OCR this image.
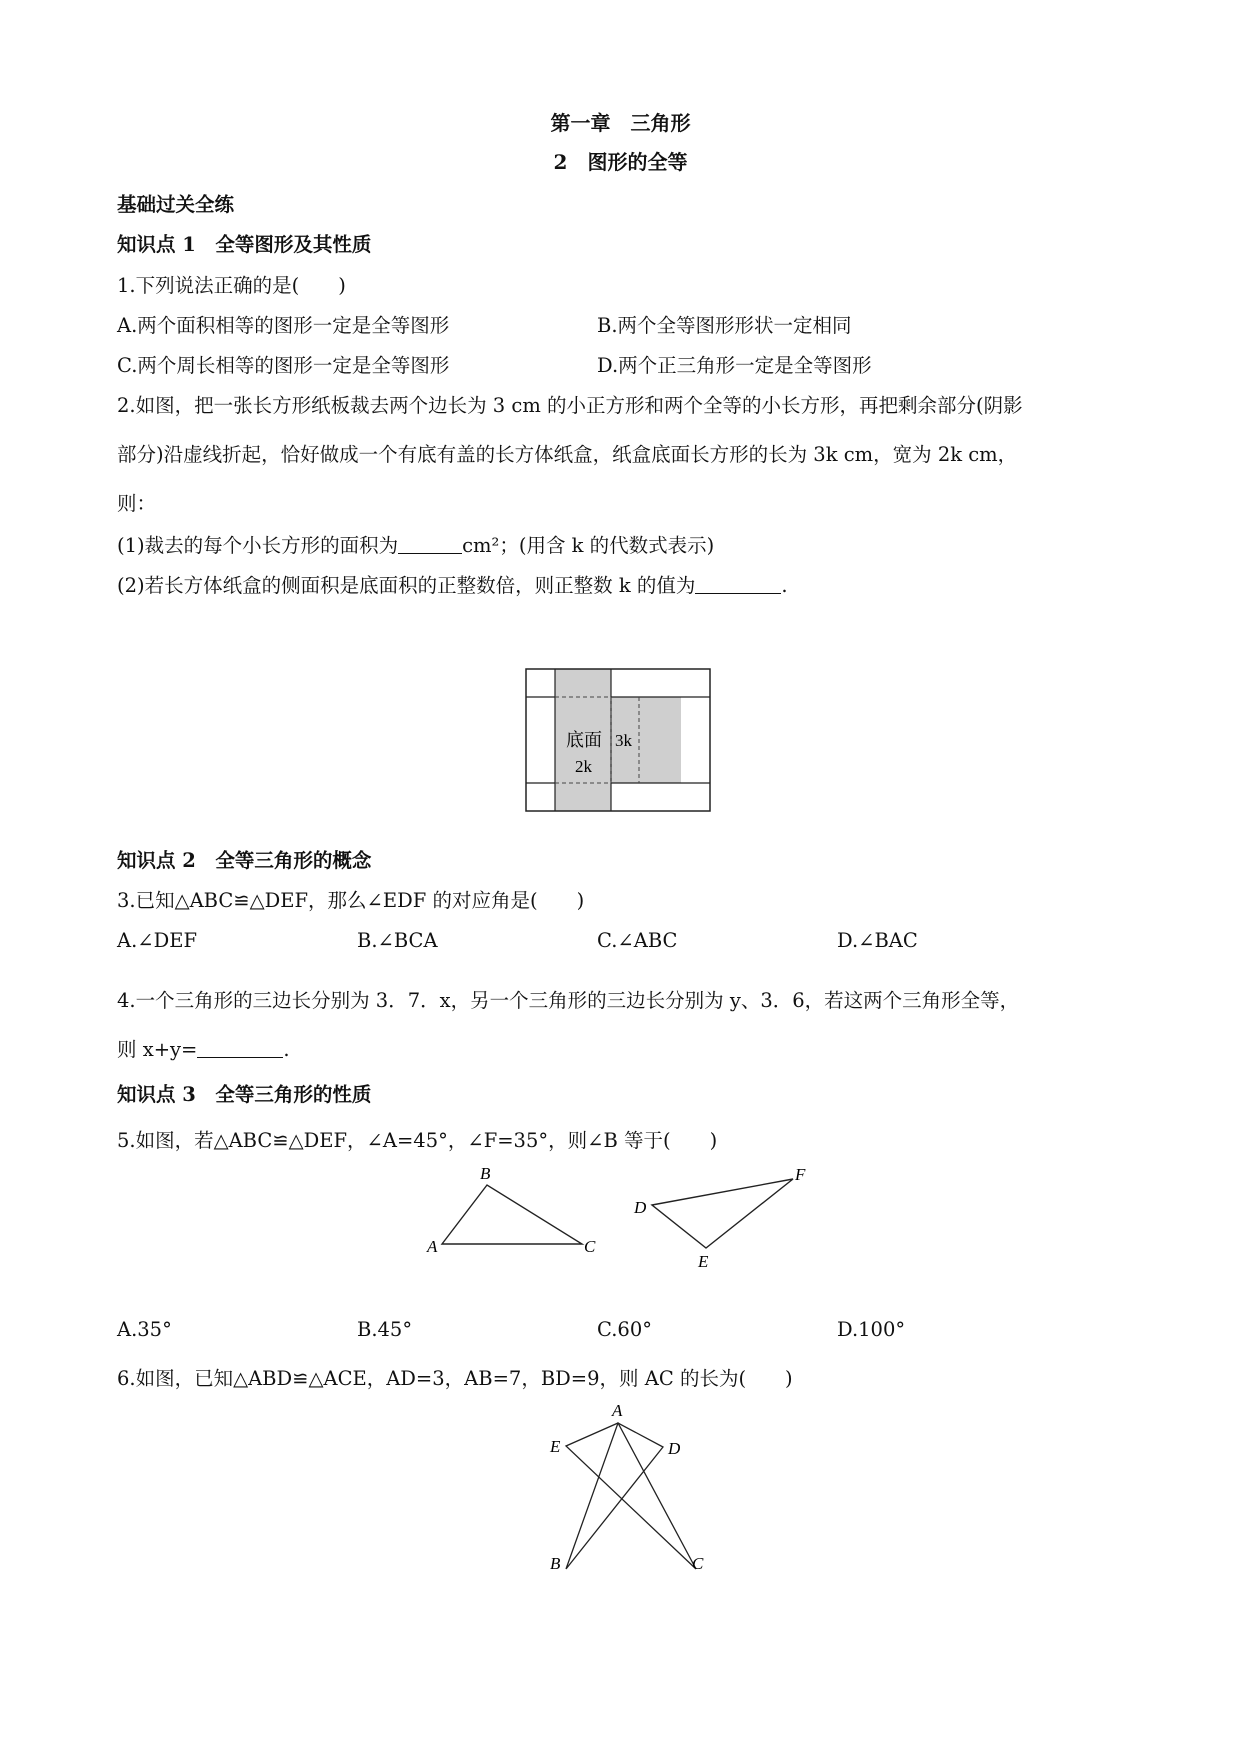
第一章　三角形
2　图形的全等
基础过关全练
知识点 1　全等图形及其性质
1.下列说法正确的是(　　)
A.两个面积相等的图形一定是全等图形	B.两个全等图形形状一定相同
C.两个周长相等的图形一定是全等图形	D.两个正三角形一定是全等图形
2.如图，把一张长方形纸板裁去两个边长为 3 cm 的小正方形和两个全等的小长方形，再把剩余部分(阴影
部分)沿虚线折起，恰好做成一个有底有盖的长方体纸盒，纸盒底面长方形的长为 3k cm，宽为 2k cm，
则：
(1)裁去的每个小长方形的面积为	cm²；(用含 k 的代数式表示)
(2)若长方体纸盒的侧面积是底面积的正整数倍，则正整数 k 的值为	.
底面 3k
2k
知识点 2　全等三角形的概念
3.已知△ABC≌△DEF，那么∠EDF 的对应角是(　　)
A.∠DEF	B.∠BCA	C.∠ABC	D.∠BAC
4.一个三角形的三边长分别为 3．7．x，另一个三角形的三边长分别为 y、3．6，若这两个三角形全等，
则 x+y=	.
知识点 3　全等三角形的性质
5.如图，若△ABC≌△DEF，∠A=45°，∠F=35°，则∠B 等于(　　)
A
B
C
D
E
F
A.35°	B.45°	C.60°	D.100°
6.如图，已知△ABD≌△ACE，AD=3，AB=7，BD=9，则 AC 的长为(　　)
A
E	D
B	C
